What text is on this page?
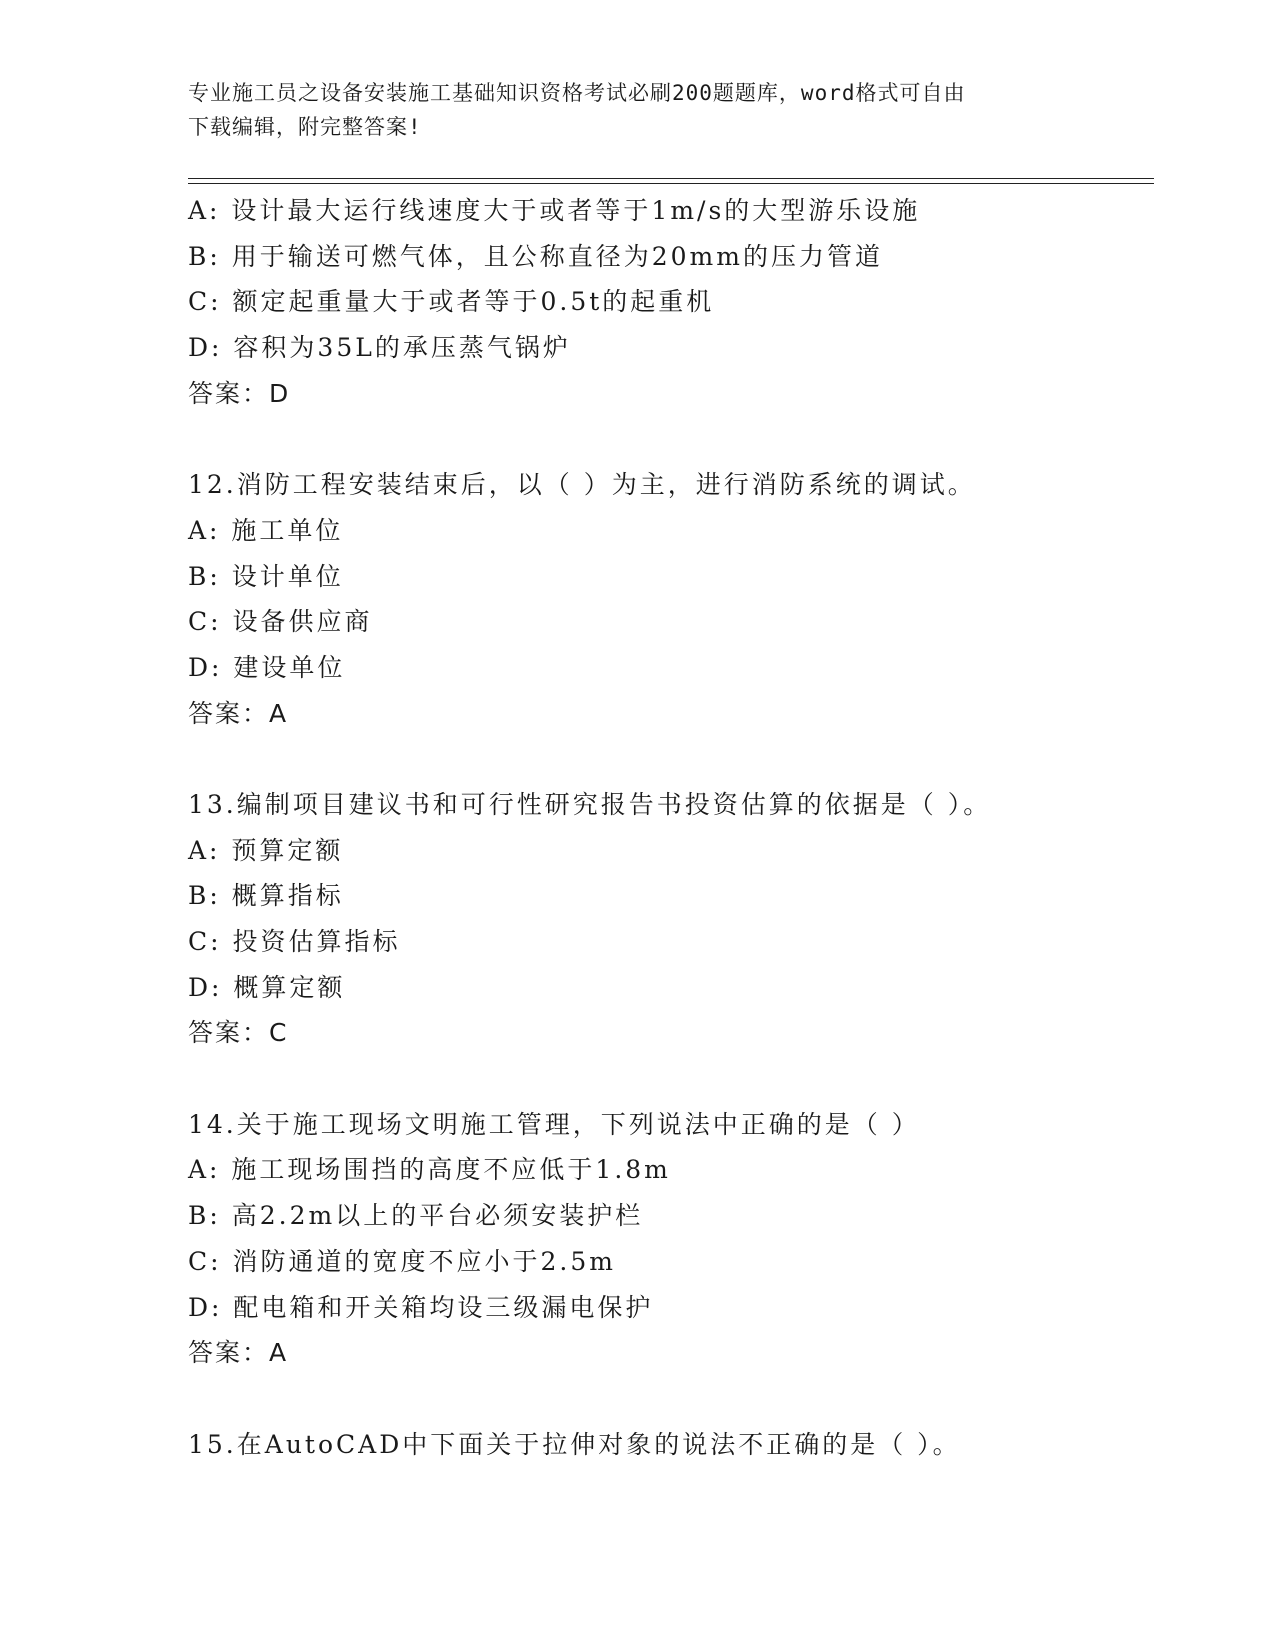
专业施工员之设备安装施工基础知识资格考试必刷200题题库，word格式可自由
下载编辑，附完整答案!
A: 设计最大运行线速度大于或者等于1m/s的大型游乐设施
B: 用于输送可燃气体，且公称直径为20mm的压力管道
C: 额定起重量大于或者等于0.5t的起重机
D: 容积为35L的承压蒸气锅炉
答案：D
12.消防工程安装结束后，以（ ）为主，进行消防系统的调试。
A: 施工单位
B: 设计单位
C: 设备供应商
D: 建设单位
答案：A
13.编制项目建议书和可行性研究报告书投资估算的依据是（ ）。
A: 预算定额
B: 概算指标
C: 投资估算指标
D: 概算定额
答案：C
14.关于施工现场文明施工管理，下列说法中正确的是（ ）
A: 施工现场围挡的高度不应低于1.8m
B: 高2.2m以上的平台必须安装护栏
C: 消防通道的宽度不应小于2.5m
D: 配电箱和开关箱均设三级漏电保护
答案：A
15.在AutoCAD中下面关于拉伸对象的说法不正确的是（ ）。
